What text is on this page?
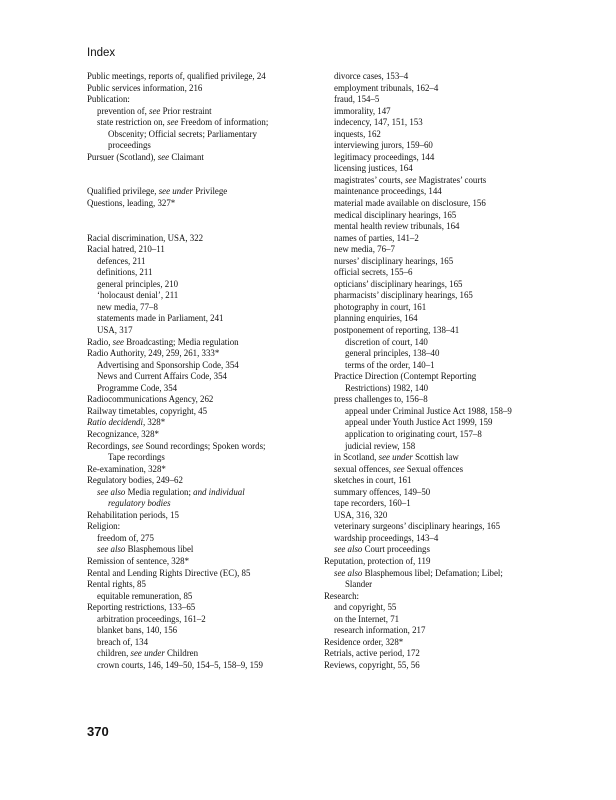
Index
Public meetings, reports of, qualified privilege, 24
Public services information, 216
Publication:
prevention of, see Prior restraint
state restriction on, see Freedom of information;
Obscenity; Official secrets; Parliamentary
proceedings
Pursuer (Scotland), see Claimant
Qualified privilege, see under Privilege
Questions, leading, 327*
Racial discrimination, USA, 322
Racial hatred, 210–11
defences, 211
definitions, 211
general principles, 210
‘holocaust denial’, 211
new media, 77–8
statements made in Parliament, 241
USA, 317
Radio, see Broadcasting; Media regulation
Radio Authority, 249, 259, 261, 333*
Advertising and Sponsorship Code, 354
News and Current Affairs Code, 354
Programme Code, 354
Radiocommunications Agency, 262
Railway timetables, copyright, 45
Ratio decidendi, 328*
Recognizance, 328*
Recordings, see Sound recordings; Spoken words;
Tape recordings
Re-examination, 328*
Regulatory bodies, 249–62
see also Media regulation; and individual
regulatory bodies
Rehabilitation periods, 15
Religion:
freedom of, 275
see also Blasphemous libel
Remission of sentence, 328*
Rental and Lending Rights Directive (EC), 85
Rental rights, 85
equitable remuneration, 85
Reporting restrictions, 133–65
arbitration proceedings, 161–2
blanket bans, 140, 156
breach of, 134
children, see under Children
crown courts, 146, 149–50, 154–5, 158–9, 159
divorce cases, 153–4
employment tribunals, 162–4
fraud, 154–5
immorality, 147
indecency, 147, 151, 153
inquests, 162
interviewing jurors, 159–60
legitimacy proceedings, 144
licensing justices, 164
magistrates’ courts, see Magistrates’ courts
maintenance proceedings, 144
material made available on disclosure, 156
medical disciplinary hearings, 165
mental health review tribunals, 164
names of parties, 141–2
new media, 76–7
nurses’ disciplinary hearings, 165
official secrets, 155–6
opticians’ disciplinary hearings, 165
pharmacists’ disciplinary hearings, 165
photography in court, 161
planning enquiries, 164
postponement of reporting, 138–41
discretion of court, 140
general principles, 138–40
terms of the order, 140–1
Practice Direction (Contempt Reporting
Restrictions) 1982, 140
press challenges to, 156–8
appeal under Criminal Justice Act 1988, 158–9
appeal under Youth Justice Act 1999, 159
application to originating court, 157–8
judicial review, 158
in Scotland, see under Scottish law
sexual offences, see Sexual offences
sketches in court, 161
summary offences, 149–50
tape recorders, 160–1
USA, 316, 320
veterinary surgeons’ disciplinary hearings, 165
wardship proceedings, 143–4
see also Court proceedings
Reputation, protection of, 119
see also Blasphemous libel; Defamation; Libel;
Slander
Research:
and copyright, 55
on the Internet, 71
research information, 217
Residence order, 328*
Retrials, active period, 172
Reviews, copyright, 55, 56
370
